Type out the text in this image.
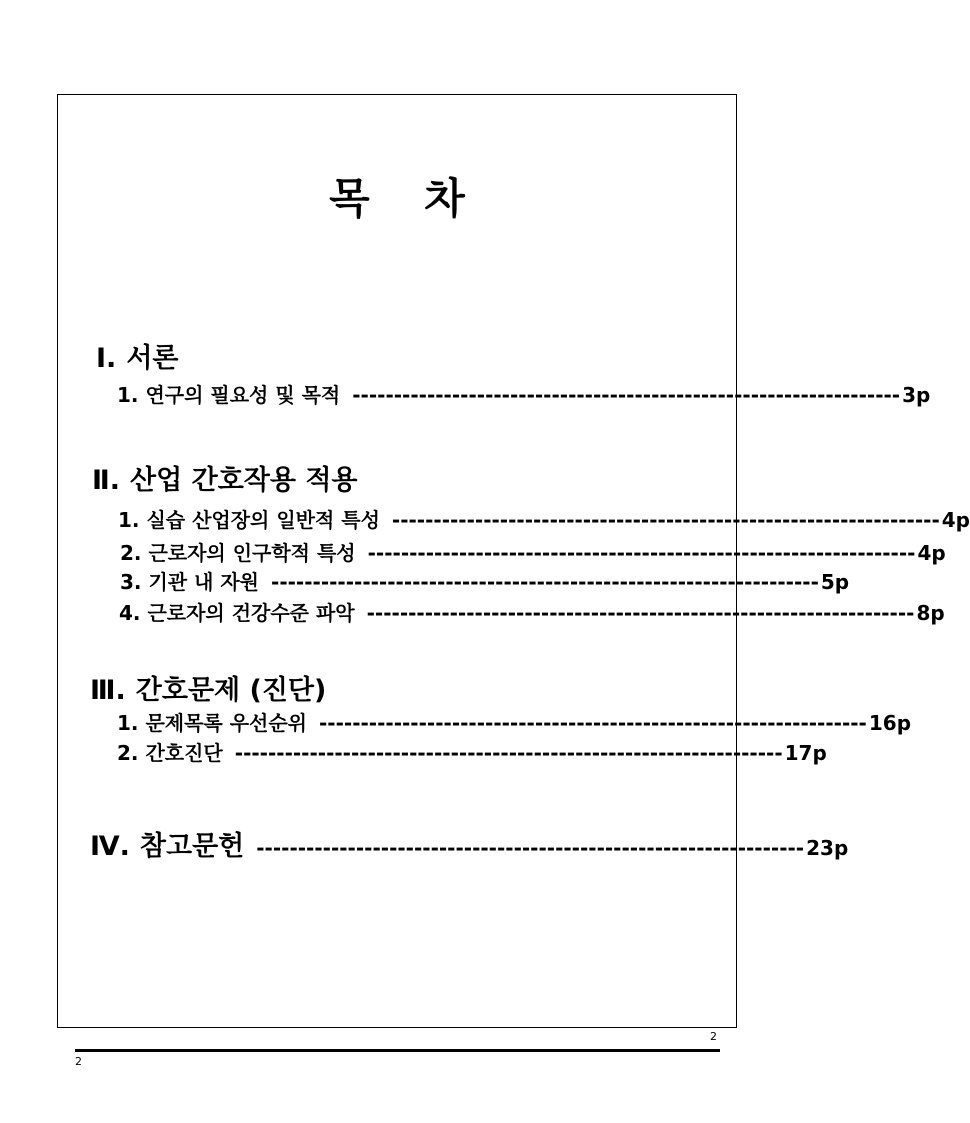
목 차
Ⅰ. 서론
1. 연구의 필요성 및 목적 ------------------------------------------------------------------ 3p
Ⅱ. 산업 간호작용 적용
1. 실습 산업장의 일반적 특성 ------------------------------------------------------------------ 4p
2. 근로자의 인구학적 특성 ------------------------------------------------------------------ 4p
3. 기관 내 자원 ------------------------------------------------------------------ 5p
4. 근로자의 건강수준 파악 ------------------------------------------------------------------ 8p
Ⅲ. 간호문제 (진단)
1. 문제목록 우선순위 ------------------------------------------------------------------ 16p
2. 간호진단 ------------------------------------------------------------------ 17p
Ⅳ. 참고문헌 ------------------------------------------------------------------ 23p
2
2
